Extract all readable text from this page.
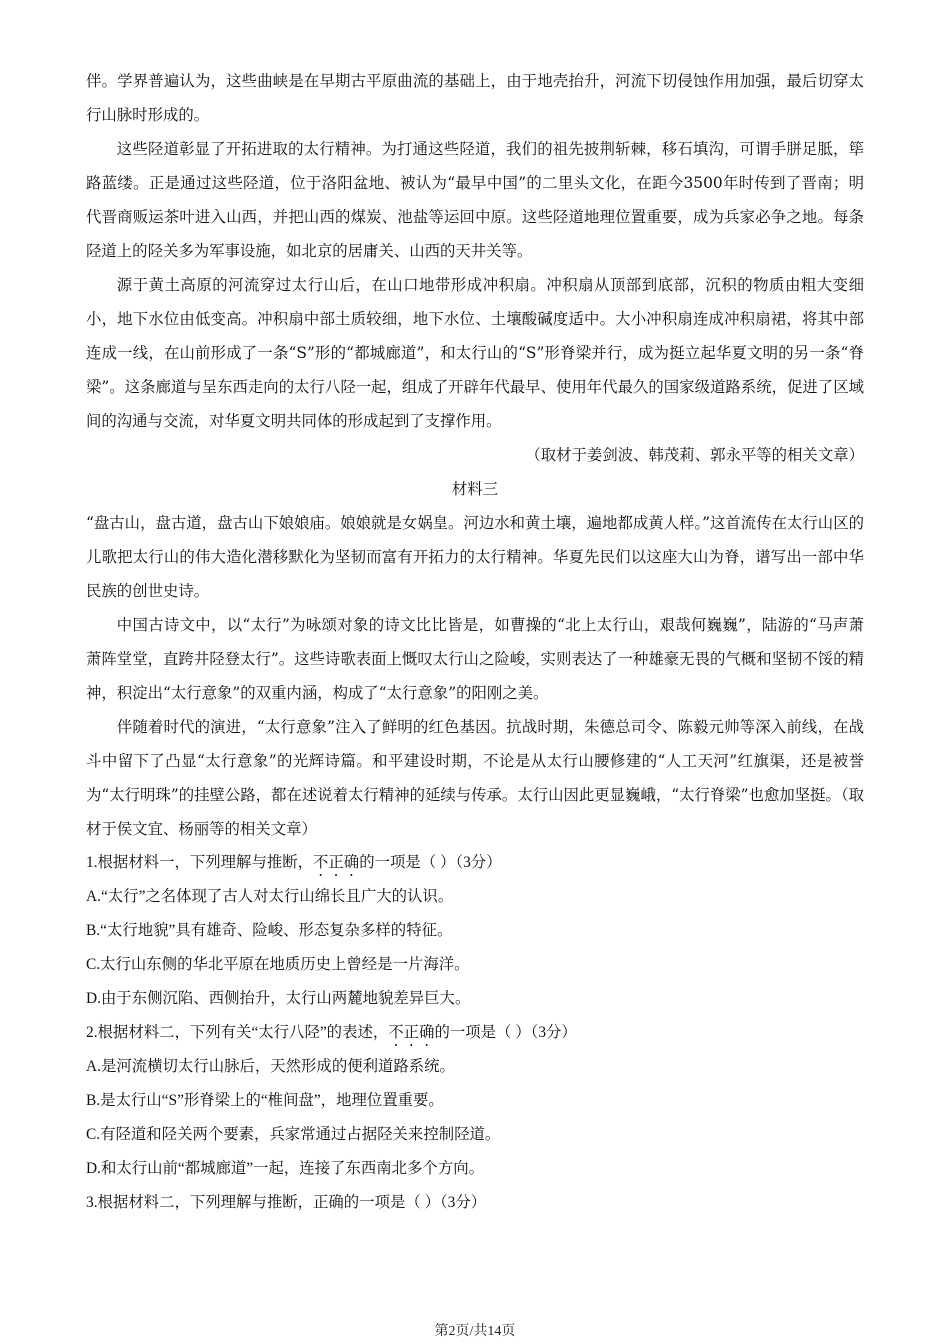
伴。学界普遍认为，这些曲峡是在早期古平原曲流的基础上，由于地壳抬升，河流下切侵蚀作用加强，最后切穿太行山脉时形成的。

这些陉道彰显了开拓进取的太行精神。为打通这些陉道，我们的祖先披荆斩棘，移石填沟，可谓手胼足胝，筚路蓝缕。正是通过这些陉道，位于洛阳盆地、被认为“最早中国”的二里头文化，在距今3500年时传到了晋南；明代晋商贩运茶叶进入山西，并把山西的煤炭、池盐等运回中原。这些陉道地理位置重要，成为兵家必争之地。每条陉道上的陉关多为军事设施，如北京的居庸关、山西的天井关等。

源于黄土高原的河流穿过太行山后，在山口地带形成冲积扇。冲积扇从顶部到底部，沉积的物质由粗大变细小，地下水位由低变高。冲积扇中部土质较细，地下水位、土壤酸碱度适中。大小冲积扇连成冲积扇裙，将其中部连成一线，在山前形成了一条“S”形的“都城廊道”，和太行山的“S”形脊梁并行，成为挺立起华夏文明的另一条“脊梁”。这条廊道与呈东西走向的太行八陉一起，组成了开辟年代最早、使用年代最久的国家级道路系统，促进了区域间的沟通与交流，对华夏文明共同体的形成起到了支撑作用。

（取材于姜剑波、韩茂莉、郭永平等的相关文章）

材料三

“盘古山，盘古道，盘古山下娘娘庙。娘娘就是女娲皇。河边水和黄土壤，遍地都成黄人样。”这首流传在太行山区的儿歌把太行山的伟大造化潜移默化为坚韧而富有开拓力的太行精神。华夏先民们以这座大山为脊，谱写出一部中华民族的创世史诗。

中国古诗文中，以“太行”为咏颂对象的诗文比比皆是，如曹操的“北上太行山，艰哉何巍巍”，陆游的“马声萧萧阵堂堂，直跨井陉登太行”。这些诗歌表面上慨叹太行山之险峻，实则表达了一种雄豪无畏的气概和坚韧不馁的精神，积淀出“太行意象”的双重内涵，构成了“太行意象”的阳刚之美。

伴随着时代的演进，“太行意象”注入了鲜明的红色基因。抗战时期，朱德总司令、陈毅元帅等深入前线，在战斗中留下了凸显“太行意象”的光辉诗篇。和平建设时期，不论是从太行山腰修建的“人工天河”红旗渠，还是被誉为“太行明珠”的挂壁公路，都在述说着太行精神的延续与传承。太行山因此更显巍峨，“太行脊梁”也愈加坚挺。（取材于侯文宜、杨丽等的相关文章）

1.根据材料一，下列理解与推断，不正确的一项是（ ）（3分）

A.“太行”之名体现了古人对太行山绵长且广大的认识。

B.“太行地貌”具有雄奇、险峻、形态复杂多样的特征。

C.太行山东侧的华北平原在地质历史上曾经是一片海洋。

D.由于东侧沉陷、西侧抬升，太行山两麓地貌差异巨大。

2.根据材料二，下列有关“太行八陉”的表述，不正确的一项是（ ）（3分）

A.是河流横切太行山脉后，天然形成的便利道路系统。

B.是太行山“S”形脊梁上的“椎间盘”，地理位置重要。

C.有陉道和陉关两个要素，兵家常通过占据陉关来控制陉道。

D.和太行山前“都城廊道”一起，连接了东西南北多个方向。

3.根据材料二，下列理解与推断，正确的一项是（ ）（3分）

第2页/共14页
